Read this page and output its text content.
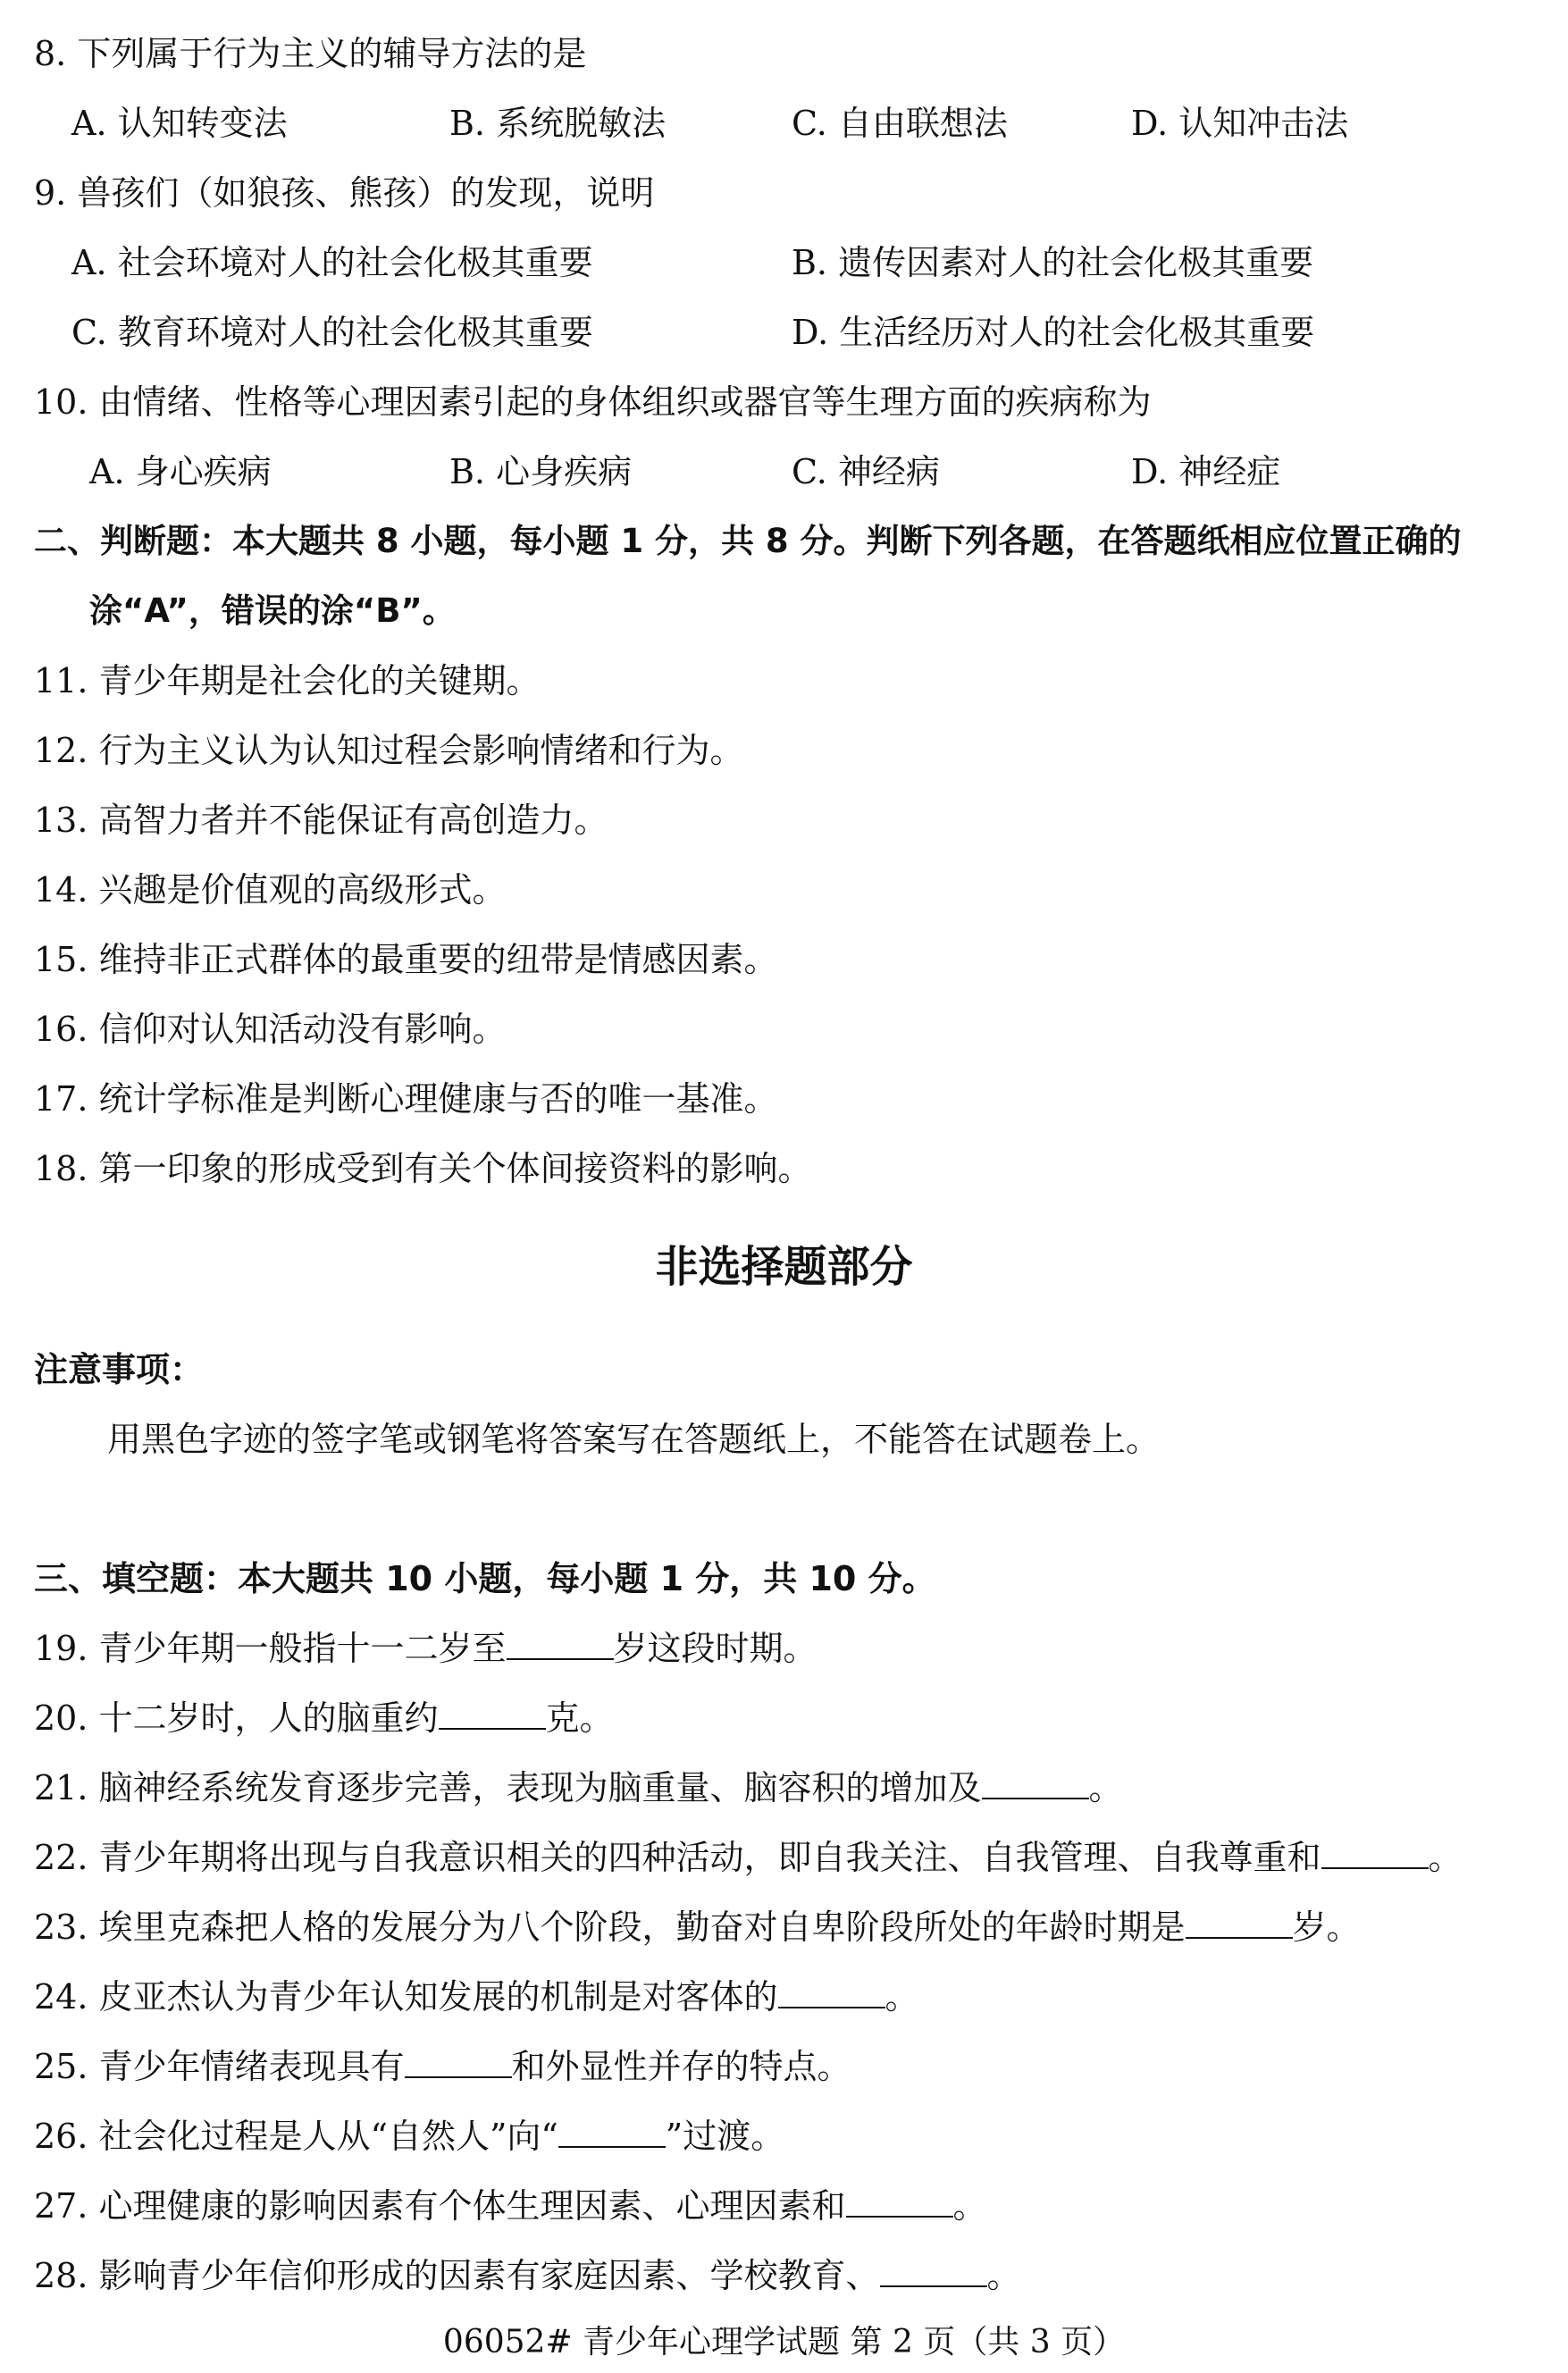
8. 下列属于行为主义的辅导方法的是
A. 认知转变法	B. 系统脱敏法	C. 自由联想法	D. 认知冲击法
9. 兽孩们（如狼孩、熊孩）的发现，说明
A. 社会环境对人的社会化极其重要	B. 遗传因素对人的社会化极其重要
C. 教育环境对人的社会化极其重要	D. 生活经历对人的社会化极其重要
10. 由情绪、性格等心理因素引起的身体组织或器官等生理方面的疾病称为
A. 身心疾病	B. 心身疾病	C. 神经病	D. 神经症
二、判断题：本大题共 8 小题，每小题 1 分，共 8 分。判断下列各题，在答题纸相应位置正确的
涂“A”，错误的涂“B”。
11. 青少年期是社会化的关键期。
12. 行为主义认为认知过程会影响情绪和行为。
13. 高智力者并不能保证有高创造力。
14. 兴趣是价值观的高级形式。
15. 维持非正式群体的最重要的纽带是情感因素。
16. 信仰对认知活动没有影响。
17. 统计学标准是判断心理健康与否的唯一基准。
18. 第一印象的形成受到有关个体间接资料的影响。
非选择题部分
注意事项：
用黑色字迹的签字笔或钢笔将答案写在答题纸上，不能答在试题卷上。
三、填空题：本大题共 10 小题，每小题 1 分，共 10 分。
19. 青少年期一般指十一二岁至	岁这段时期。
20. 十二岁时，人的脑重约	克。
21. 脑神经系统发育逐步完善，表现为脑重量、脑容积的增加及	。
22. 青少年期将出现与自我意识相关的四种活动，即自我关注、自我管理、自我尊重和	。
23. 埃里克森把人格的发展分为八个阶段，勤奋对自卑阶段所处的年龄时期是	岁。
24. 皮亚杰认为青少年认知发展的机制是对客体的	。
25. 青少年情绪表现具有	和外显性并存的特点。
26. 社会化过程是人从“自然人”向“	”过渡。
27. 心理健康的影响因素有个体生理因素、心理因素和	。
28. 影响青少年信仰形成的因素有家庭因素、学校教育、	。
06052# 青少年心理学试题 第 2 页（共 3 页）
